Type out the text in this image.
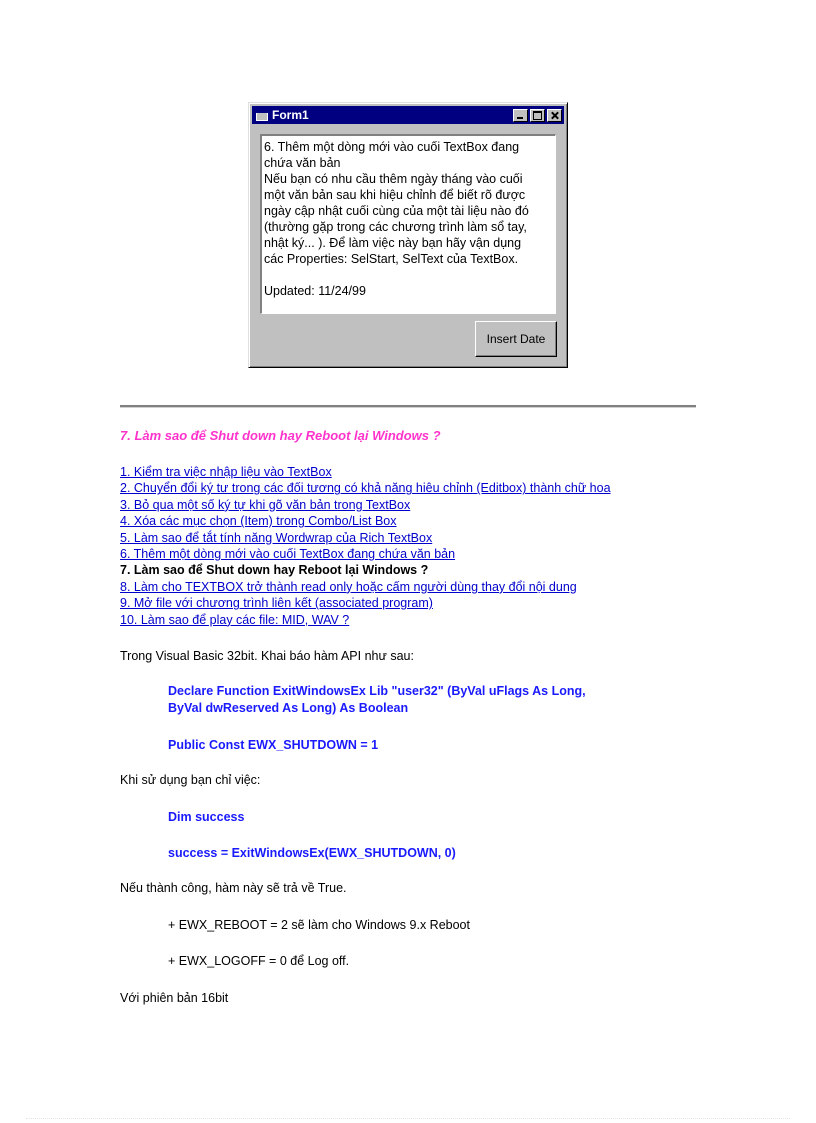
Form1
6. Thêm một dòng mới vào cuối TextBox đang
chứa văn bản
Nếu bạn có nhu cầu thêm ngày tháng vào cuối
một văn bản sau khi hiệu chỉnh để biết rõ được
ngày cập nhật cuối cùng của một tài liệu nào đó
(thường gặp trong các chương trình làm sổ tay,
nhật ký... ). Để làm việc này bạn hãy vận dụng
các Properties: SelStart, SelText của TextBox.

Updated: 11/24/99
Insert Date
7. Làm sao để Shut down hay Reboot lại Windows ?
1. Kiểm tra việc nhập liệu vào TextBox
2. Chuyển đổi ký tự trong các đối tượng có khả năng hiệu chỉnh (Editbox) thành chữ hoa
3. Bỏ qua một số ký tự khi gõ văn bản trong TextBox
4. Xóa các mục chọn (Item) trong Combo/List Box
5. Làm sao để tắt tính năng Wordwrap của Rich TextBox
6. Thêm một dòng mới vào cuối TextBox đang chứa văn bản
7. Làm sao để Shut down hay Reboot lại Windows ?
8. Làm cho TEXTBOX trở thành read only hoặc cấm người dùng thay đổi nội dung
9. Mở file với chương trình liên kết (associated program)
10. Làm sao để play các file: MID, WAV ?
Trong Visual Basic 32bit. Khai báo hàm API như sau:
Declare Function ExitWindowsEx Lib "user32" (ByVal uFlags As Long,
ByVal dwReserved As Long) As Boolean
Public Const EWX_SHUTDOWN = 1
Khi sử dụng bạn chỉ việc:
Dim success
success = ExitWindowsEx(EWX_SHUTDOWN, 0)
Nếu thành công, hàm này sẽ trả về True.
+ EWX_REBOOT = 2 sẽ làm cho Windows 9.x Reboot
+ EWX_LOGOFF = 0 để Log off.
Với phiên bản 16bit
